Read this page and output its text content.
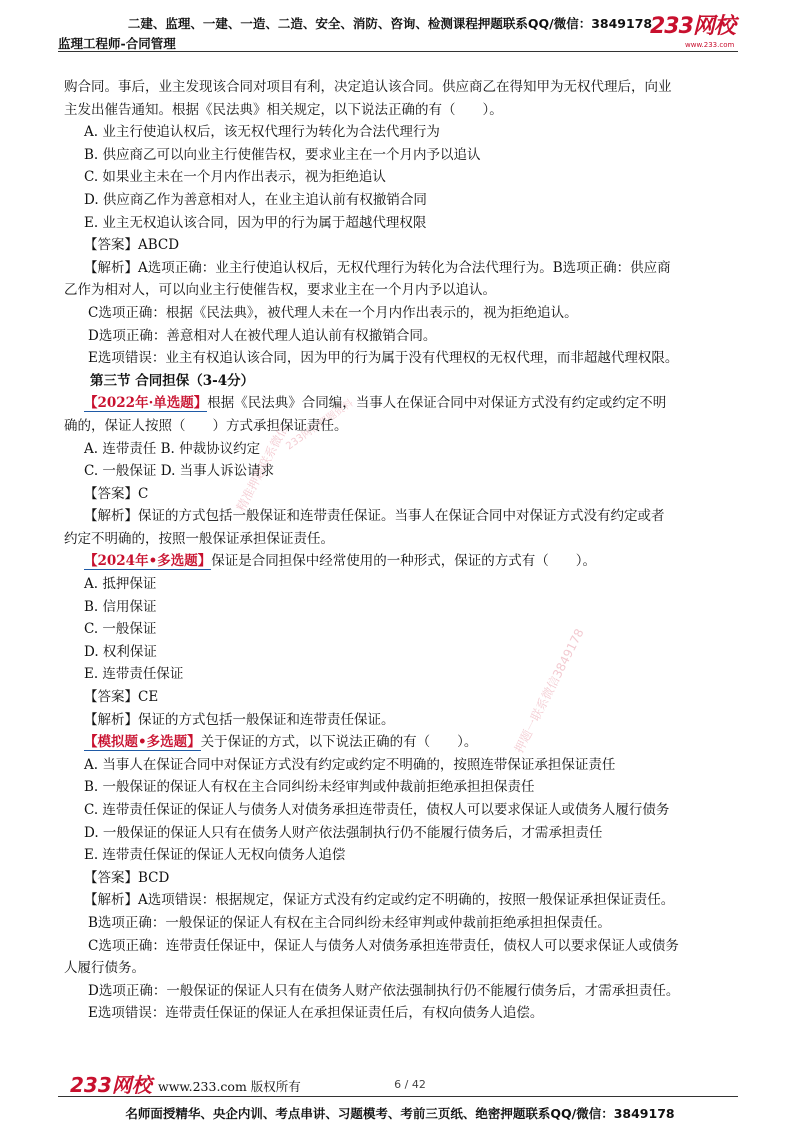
二建、监理、一建、一造、二造、安全、消防、咨询、检测课程押题联系QQ/微信：3849178
监理工程师-合同管理
233网校
www.233.com
精准押题联系微信
233网校押题资料
押题一联系微信3849178
购合同。事后，业主发现该合同对项目有利，决定追认该合同。供应商乙在得知甲为无权代理后，向业
主发出催告通知。根据《民法典》相关规定，以下说法正确的有（　　）。
A. 业主行使追认权后，该无权代理行为转化为合法代理行为
B. 供应商乙可以向业主行使催告权，要求业主在一个月内予以追认
C. 如果业主未在一个月内作出表示，视为拒绝追认
D. 供应商乙作为善意相对人，在业主追认前有权撤销合同
E. 业主无权追认该合同，因为甲的行为属于超越代理权限
【答案】ABCD
【解析】A选项正确：业主行使追认权后，无权代理行为转化为合法代理行为。B选项正确：供应商
乙作为相对人，可以向业主行使催告权，要求业主在一个月内予以追认。
C选项正确：根据《民法典》，被代理人未在一个月内作出表示的，视为拒绝追认。
D选项正确：善意相对人在被代理人追认前有权撤销合同。
E选项错误：业主有权追认该合同，因为甲的行为属于没有代理权的无权代理，而非超越代理权限。
第三节 合同担保（3-4分）
【2022年·单选题】根据《民法典》合同编，当事人在保证合同中对保证方式没有约定或约定不明
确的，保证人按照（　　）方式承担保证责任。
A. 连带责任 B. 仲裁协议约定
C. 一般保证 D. 当事人诉讼请求
【答案】C
【解析】保证的方式包括一般保证和连带责任保证。当事人在保证合同中对保证方式没有约定或者
约定不明确的，按照一般保证承担保证责任。
【2024年•多选题】保证是合同担保中经常使用的一种形式，保证的方式有（　　）。
A. 抵押保证
B. 信用保证
C. 一般保证
D. 权利保证
E. 连带责任保证
【答案】CE
【解析】保证的方式包括一般保证和连带责任保证。
【模拟题•多选题】关于保证的方式，以下说法正确的有（　　）。
A. 当事人在保证合同中对保证方式没有约定或约定不明确的，按照连带保证承担保证责任
B. 一般保证的保证人有权在主合同纠纷未经审判或仲裁前拒绝承担担保责任
C. 连带责任保证的保证人与债务人对债务承担连带责任，债权人可以要求保证人或债务人履行债务
D. 一般保证的保证人只有在债务人财产依法强制执行仍不能履行债务后，才需承担责任
E. 连带责任保证的保证人无权向债务人追偿
【答案】BCD
【解析】A选项错误：根据规定，保证方式没有约定或约定不明确的，按照一般保证承担保证责任。
B选项正确：一般保证的保证人有权在主合同纠纷未经审判或仲裁前拒绝承担担保责任。
C选项正确：连带责任保证中，保证人与债务人对债务承担连带责任，债权人可以要求保证人或债务
人履行债务。
D选项正确：一般保证的保证人只有在债务人财产依法强制执行仍不能履行债务后，才需承担责任。
E选项错误：连带责任保证的保证人在承担保证责任后，有权向债务人追偿。
233网校 www.233.com 版权所有	6 / 42
名师面授精华、央企内训、考点串讲、习题模考、考前三页纸、绝密押题联系QQ/微信：3849178
